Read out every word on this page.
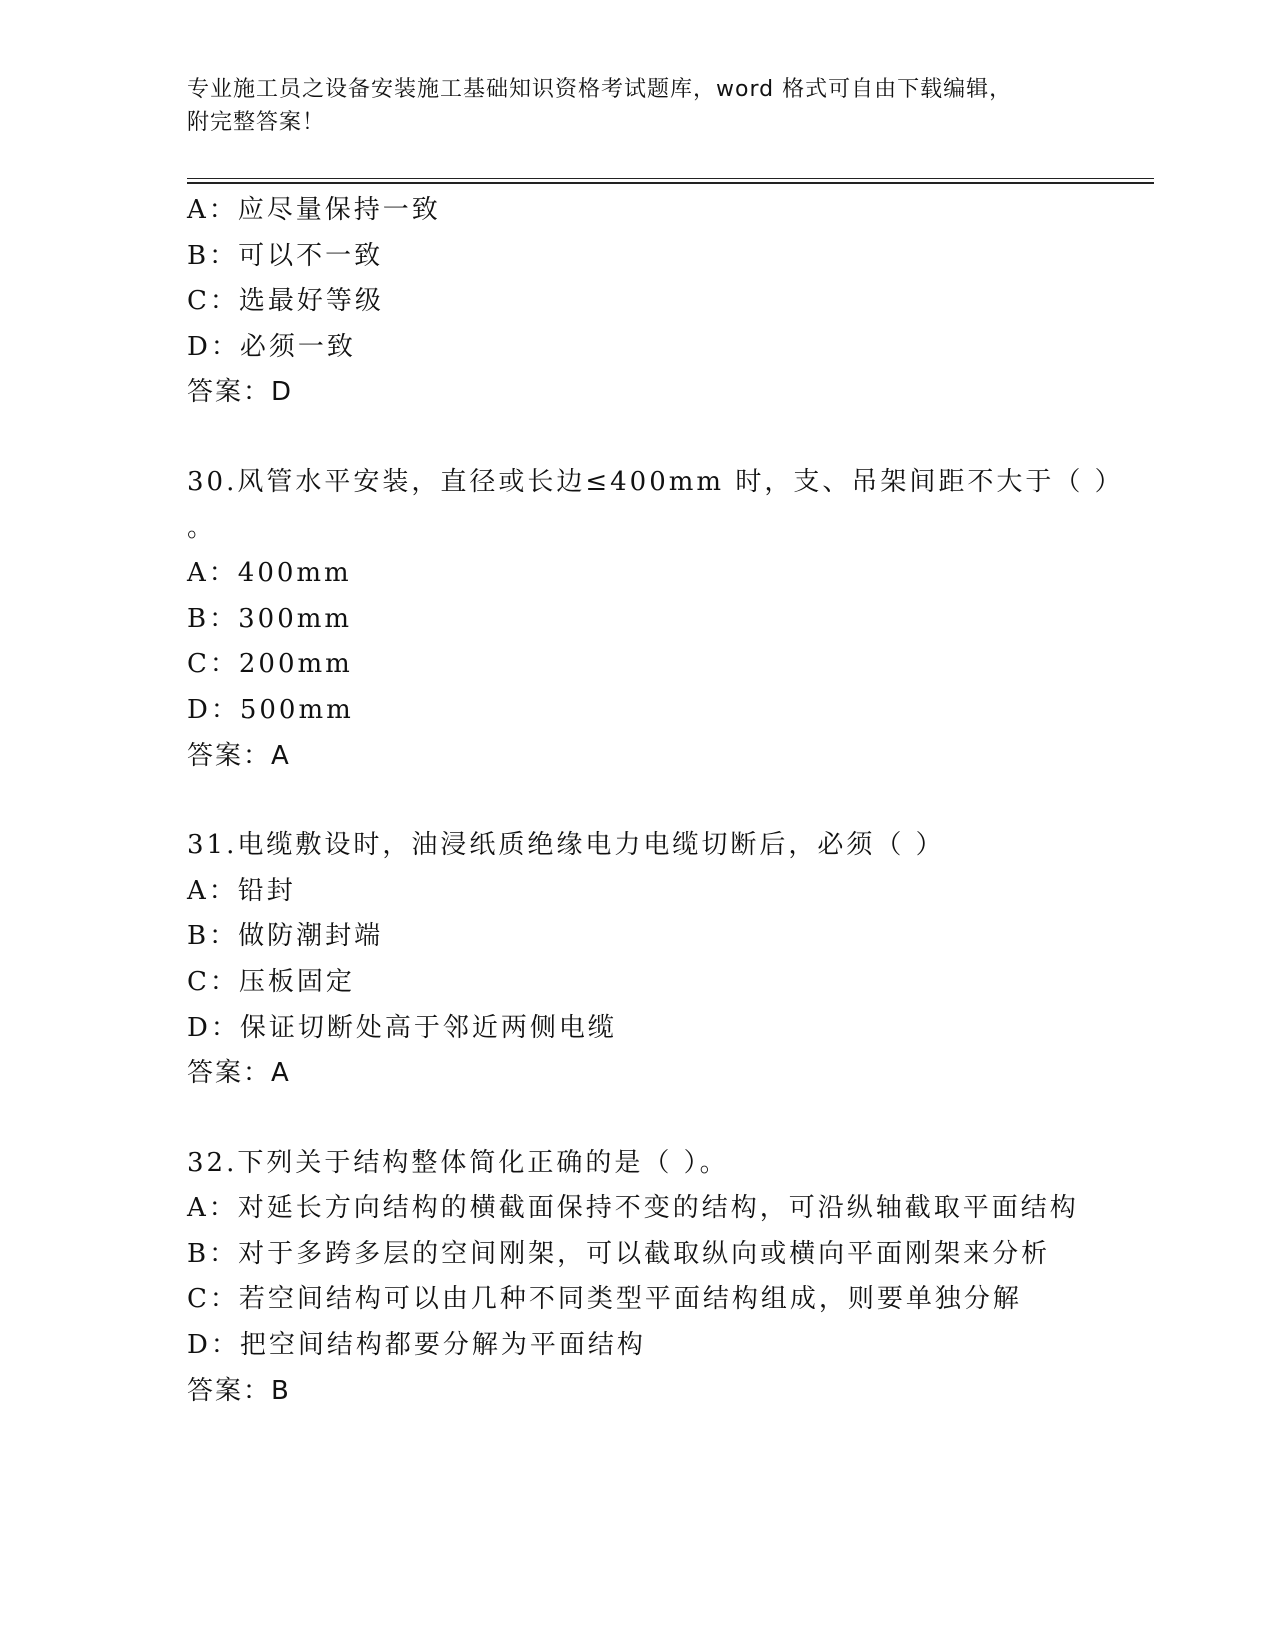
专业施工员之设备安装施工基础知识资格考试题库，word 格式可自由下载编辑，
附完整答案！
A：应尽量保持一致
B：可以不一致
C：选最好等级
D：必须一致
答案：D
30.风管水平安装，直径或长边≤400mm 时，支、吊架间距不大于（ ）
。
A：400mm
B：300mm
C：200mm
D：500mm
答案：A
31.电缆敷设时，油浸纸质绝缘电力电缆切断后，必须（ ）
A：铅封
B：做防潮封端
C：压板固定
D：保证切断处高于邻近两侧电缆
答案：A
32.下列关于结构整体简化正确的是（ ）。
A：对延长方向结构的横截面保持不变的结构，可沿纵轴截取平面结构
B：对于多跨多层的空间刚架，可以截取纵向或横向平面刚架来分析
C：若空间结构可以由几种不同类型平面结构组成，则要单独分解
D：把空间结构都要分解为平面结构
答案：B
